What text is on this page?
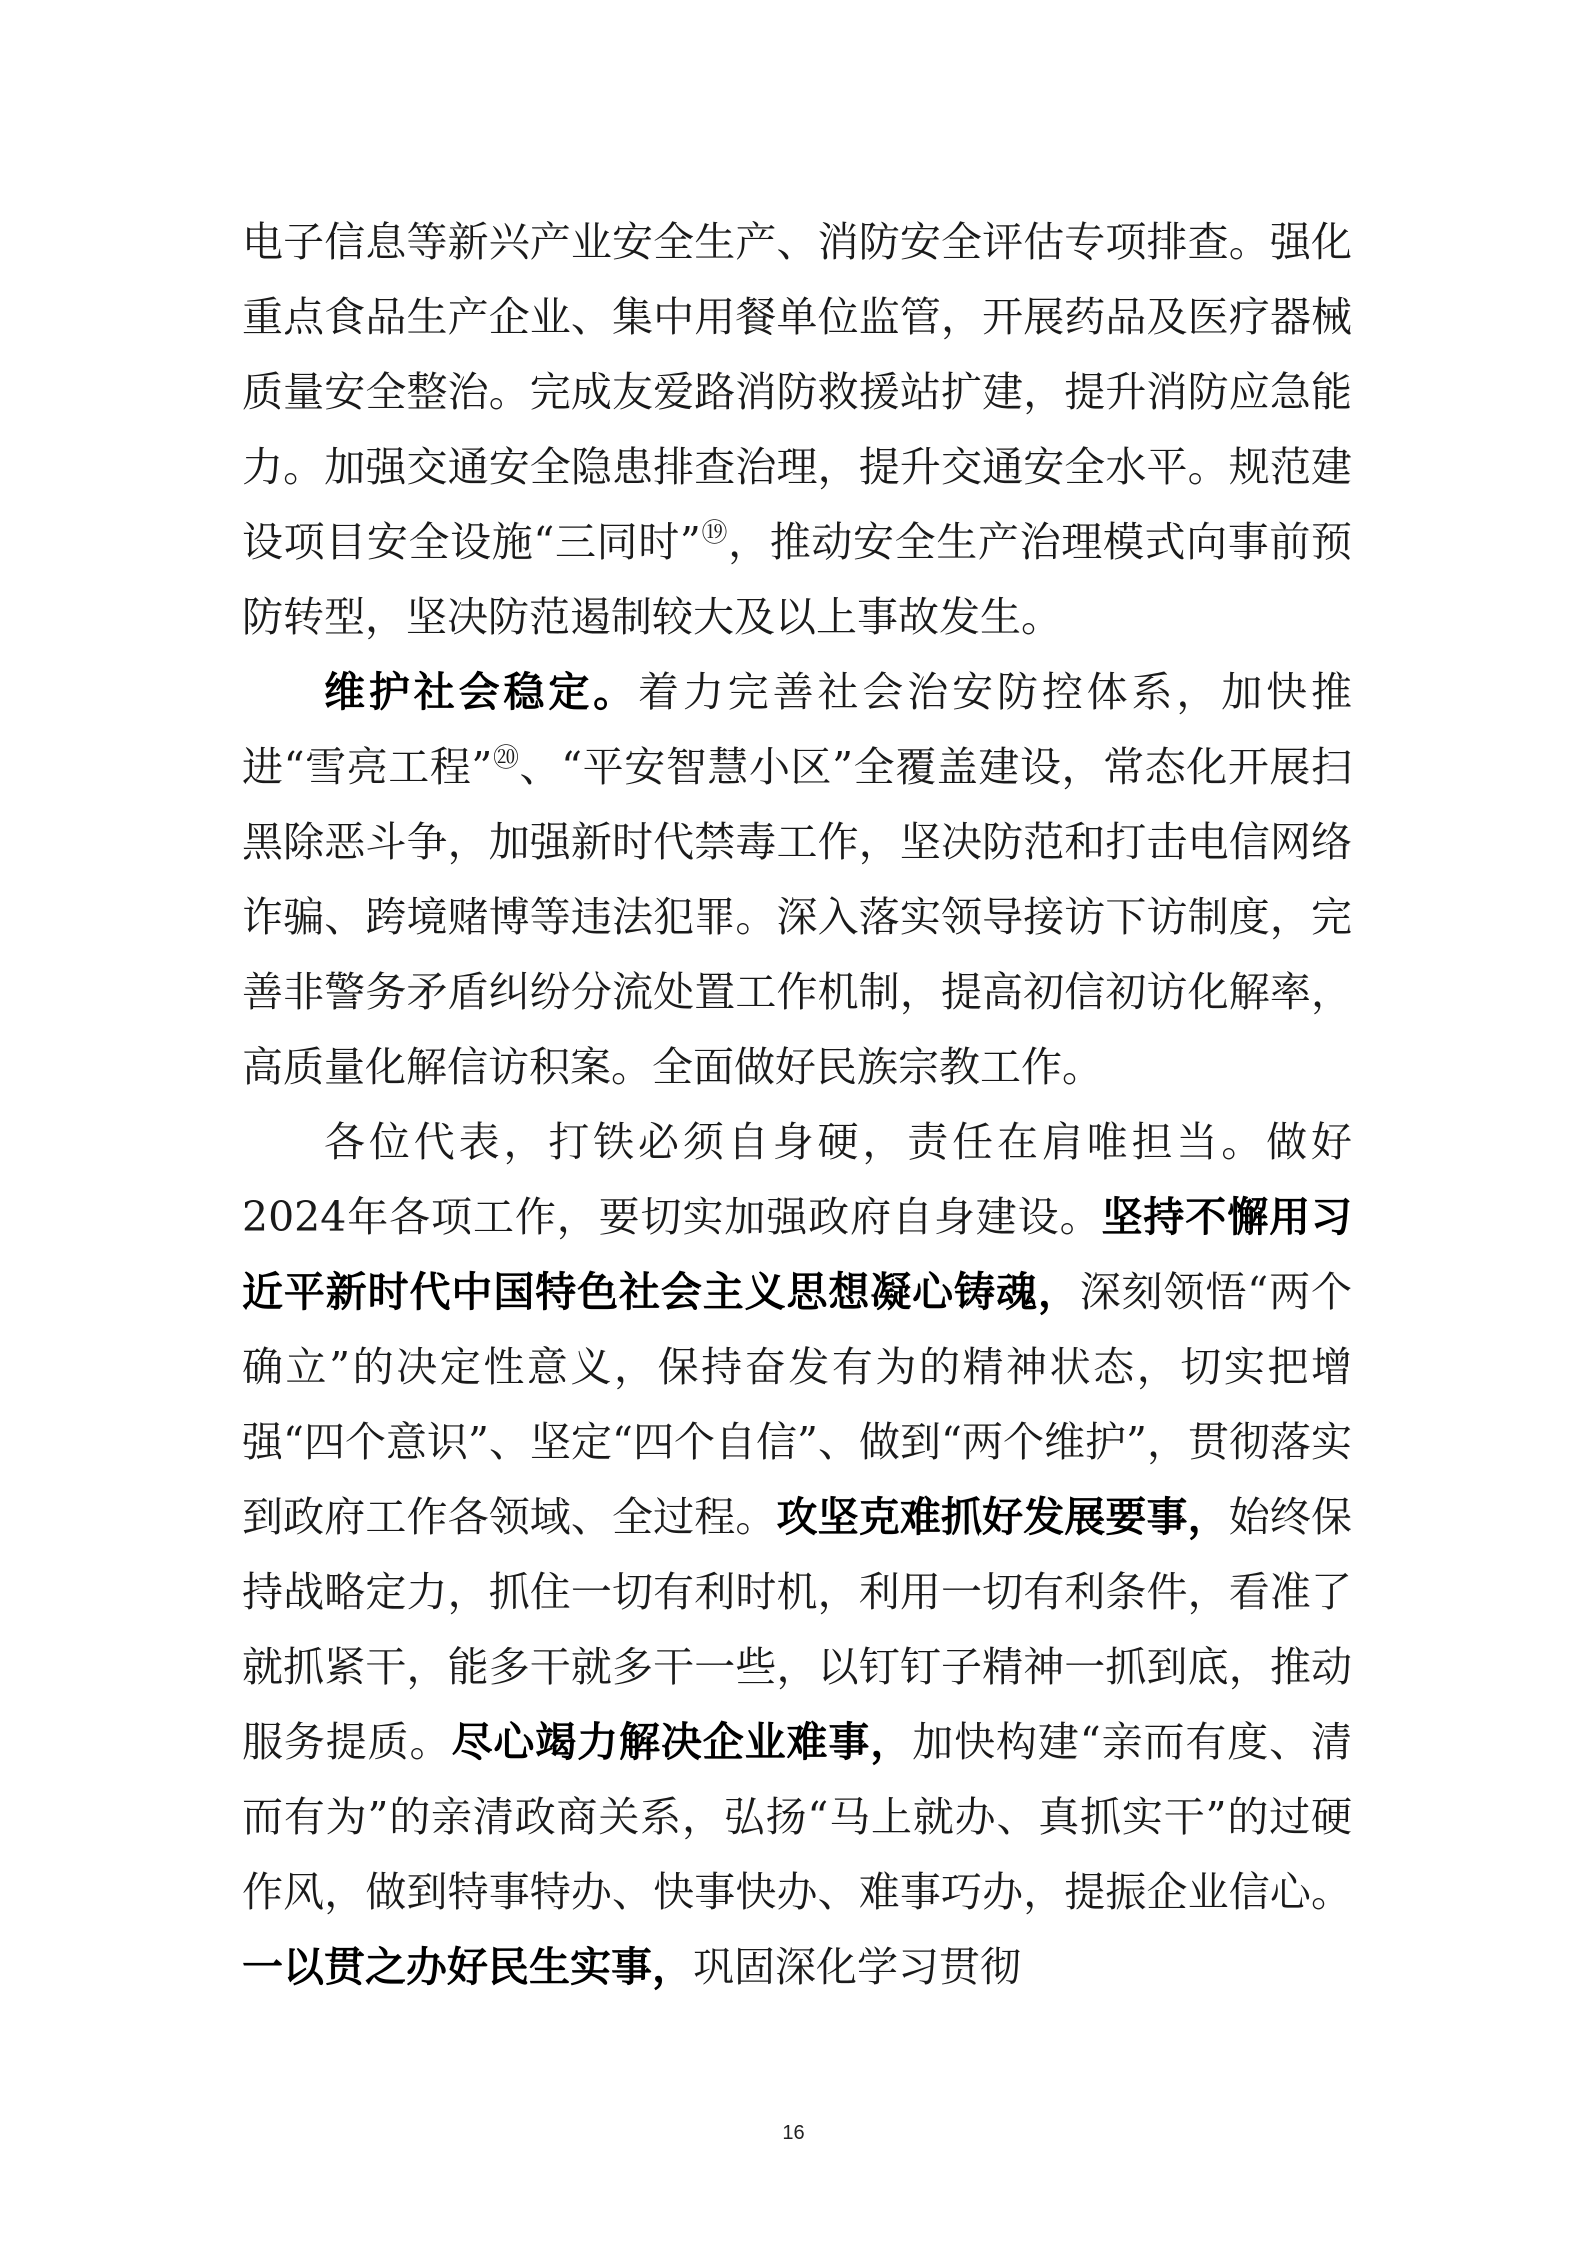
电子信息等新兴产业安全生产、消防安全评估专项排查。强化重点食品生产企业、集中用餐单位监管，开展药品及医疗器械质量安全整治。完成友爱路消防救援站扩建，提升消防应急能力。加强交通安全隐患排查治理，提升交通安全水平。规范建设项目安全设施“三同时”⑲，推动安全生产治理模式向事前预防转型，坚决防范遏制较大及以上事故发生。

维护社会稳定。着力完善社会治安防控体系，加快推进“雪亮工程”⑳、“平安智慧小区”全覆盖建设，常态化开展扫黑除恶斗争，加强新时代禁毒工作，坚决防范和打击电信网络诈骗、跨境赌博等违法犯罪。深入落实领导接访下访制度，完善非警务矛盾纠纷分流处置工作机制，提高初信初访化解率，高质量化解信访积案。全面做好民族宗教工作。

各位代表，打铁必须自身硬，责任在肩唯担当。做好2024年各项工作，要切实加强政府自身建设。坚持不懈用习近平新时代中国特色社会主义思想凝心铸魂，深刻领悟“两个确立”的决定性意义，保持奋发有为的精神状态，切实把增强“四个意识”、坚定“四个自信”、做到“两个维护”，贯彻落实到政府工作各领域、全过程。攻坚克难抓好发展要事，始终保持战略定力，抓住一切有利时机，利用一切有利条件，看准了就抓紧干，能多干就多干一些，以钉钉子精神一抓到底，推动服务提质。尽心竭力解决企业难事，加快构建“亲而有度、清而有为”的亲清政商关系，弘扬“马上就办、真抓实干”的过硬作风，做到特事特办、快事快办、难事巧办，提振企业信心。一以贯之办好民生实事，巩固深化学习贯彻

16
